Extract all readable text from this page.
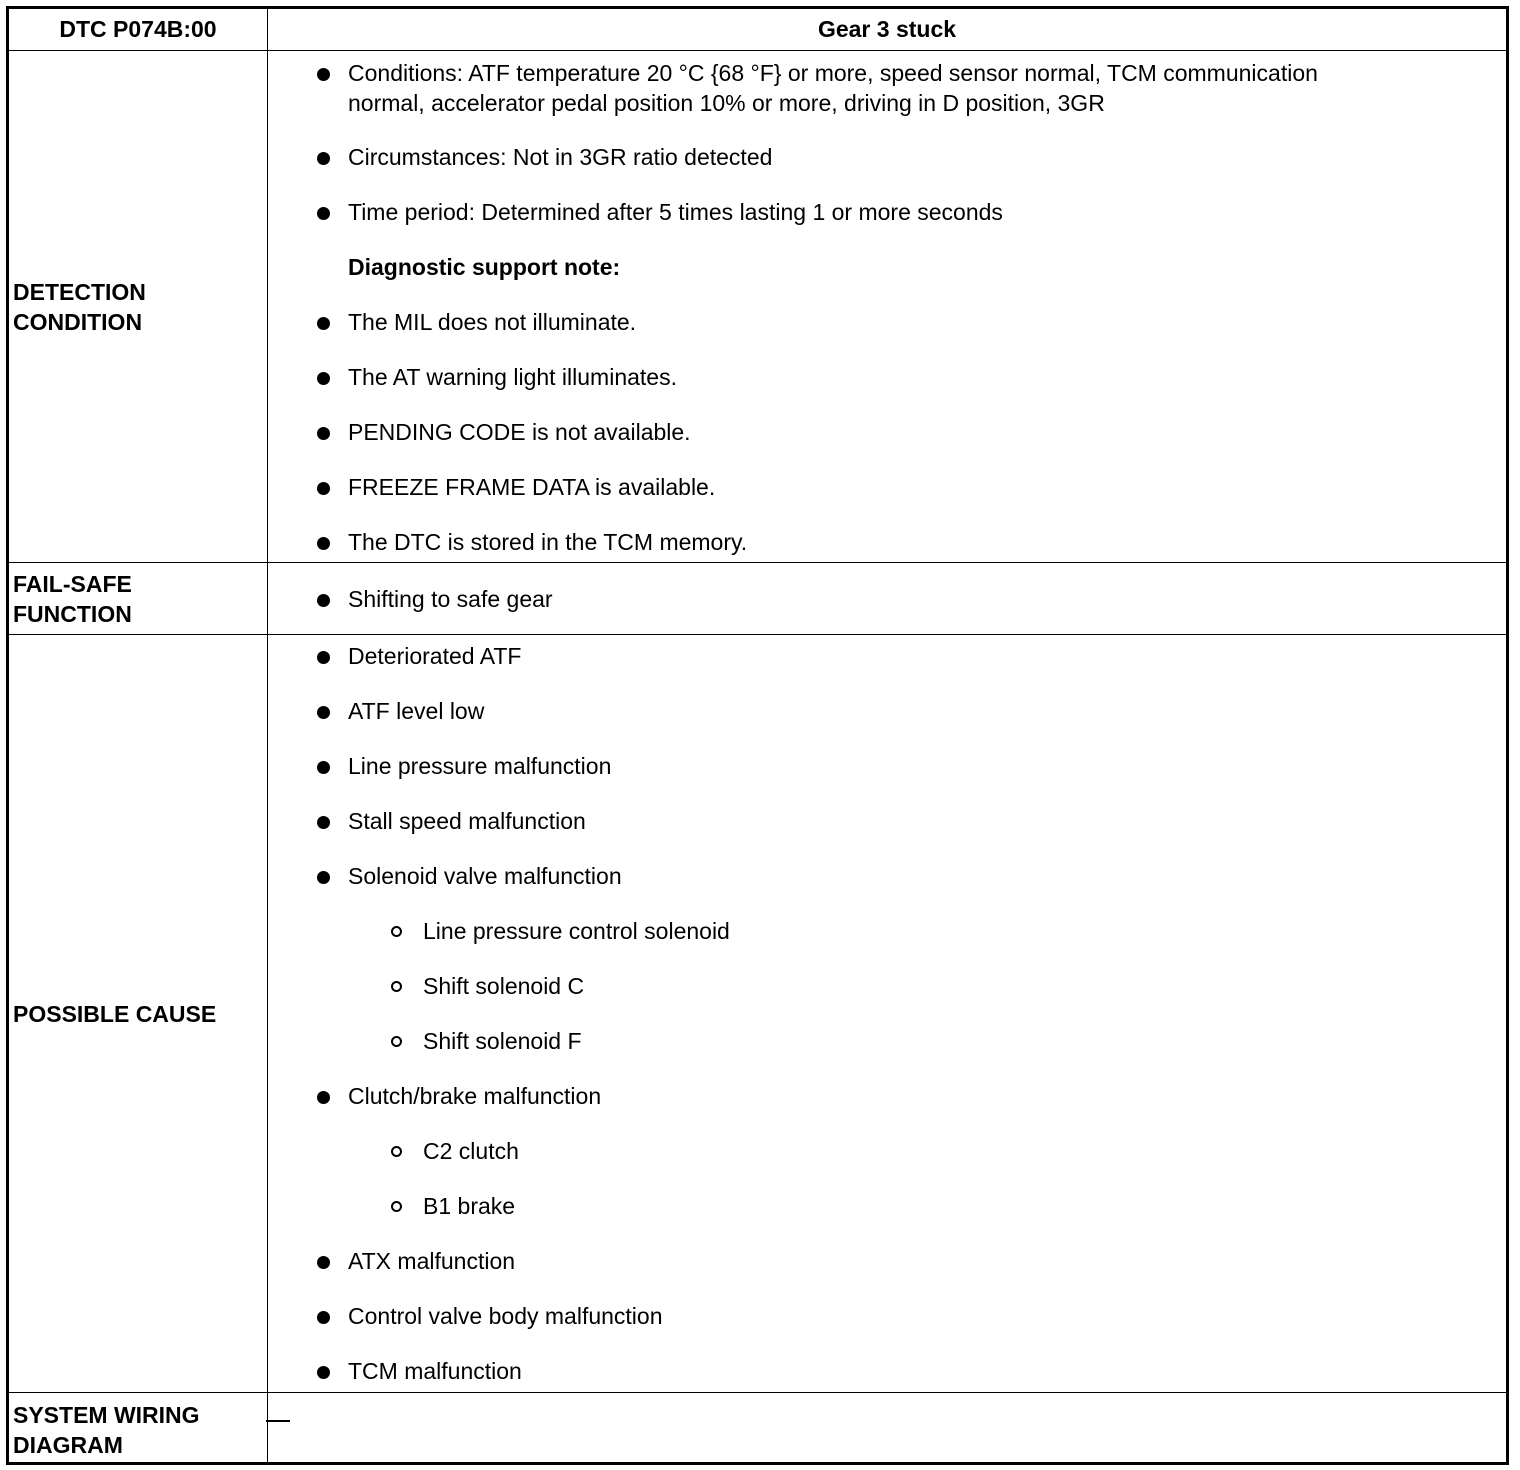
DTC P074B:00	Gear 3 stuck
DETECTION
CONDITION
Conditions: ATF temperature 20 °C {68 °F} or more, speed sensor normal, TCM communication
normal, accelerator pedal position 10% or more, driving in D position, 3GR
Circumstances: Not in 3GR ratio detected
Time period: Determined after 5 times lasting 1 or more seconds
Diagnostic support note:
The MIL does not illuminate.
The AT warning light illuminates.
PENDING CODE is not available.
FREEZE FRAME DATA is available.
The DTC is stored in the TCM memory.
FAIL-SAFE
FUNCTION
Shifting to safe gear
POSSIBLE CAUSE
Deteriorated ATF
ATF level low
Line pressure malfunction
Stall speed malfunction
Solenoid valve malfunction
Line pressure control solenoid
Shift solenoid C
Shift solenoid F
Clutch/brake malfunction
C2 clutch
B1 brake
ATX malfunction
Control valve body malfunction
TCM malfunction
SYSTEM WIRING
DIAGRAM
